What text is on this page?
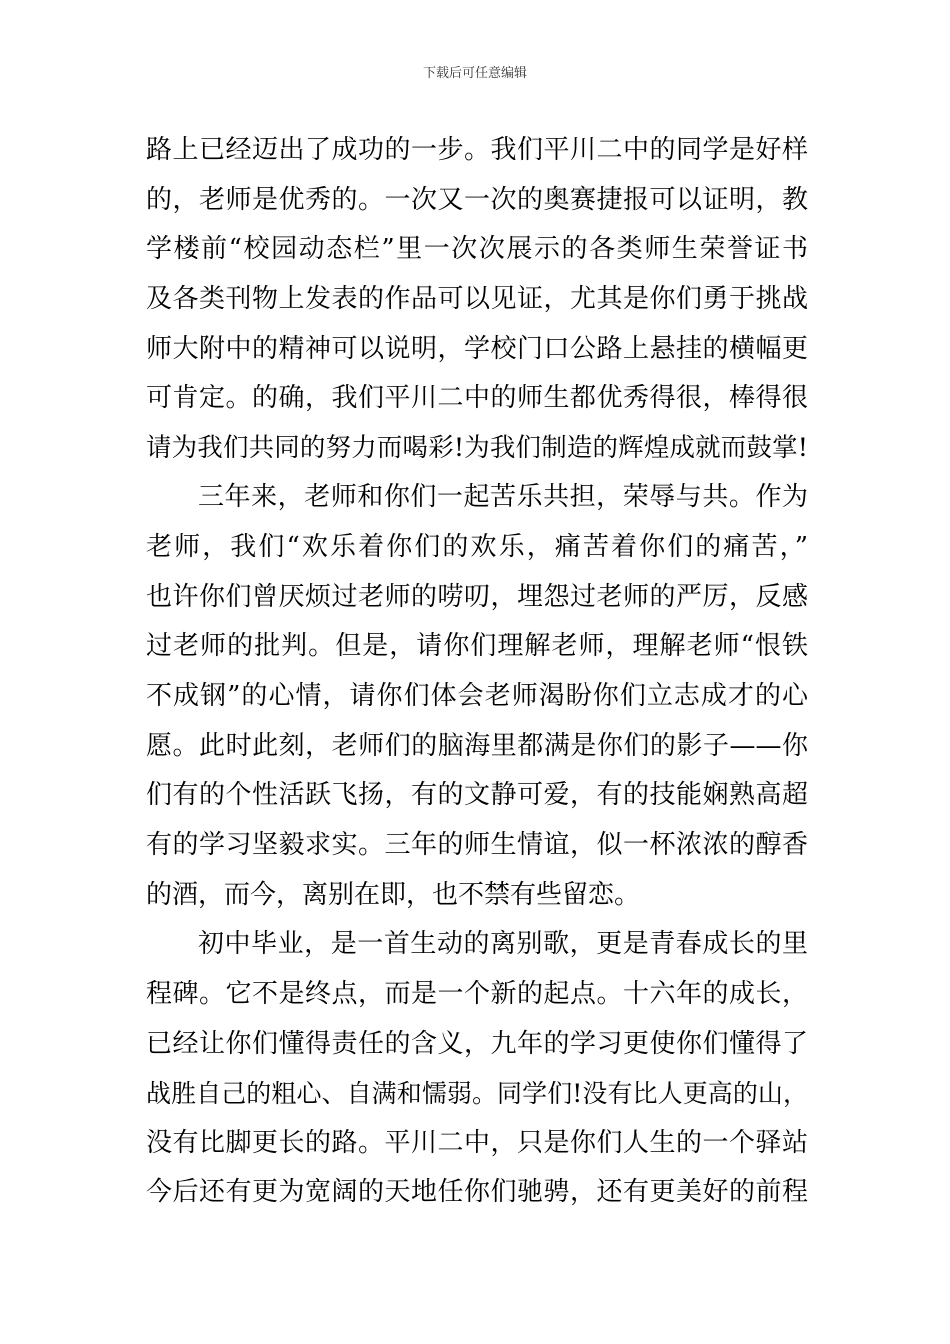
下载后可任意编辑
路上已经迈出了成功的一步。我们平川二中的同学是好样
的，老师是优秀的。一次又一次的奥赛捷报可以证明，教
学楼前“校园动态栏”里一次次展示的各类师生荣誉证书
及各类刊物上发表的作品可以见证，尤其是你们勇于挑战
师大附中的精神可以说明，学校门口公路上悬挂的横幅更
可肯定。的确，我们平川二中的师生都优秀得很，棒得很
请为我们共同的努力而喝彩!为我们制造的辉煌成就而鼓掌!
三年来，老师和你们一起苦乐共担，荣辱与共。作为
老师，我们“欢乐着你们的欢乐，痛苦着你们的痛苦，”
也许你们曾厌烦过老师的唠叨，埋怨过老师的严厉，反感
过老师的批判。但是，请你们理解老师，理解老师“恨铁
不成钢”的心情，请你们体会老师渴盼你们立志成才的心
愿。此时此刻，老师们的脑海里都满是你们的影子——你
们有的个性活跃飞扬，有的文静可爱，有的技能娴熟高超
有的学习坚毅求实。三年的师生情谊，似一杯浓浓的醇香
的酒，而今，离别在即，也不禁有些留恋。
初中毕业，是一首生动的离别歌，更是青春成长的里
程碑。它不是终点，而是一个新的起点。十六年的成长，
已经让你们懂得责任的含义，九年的学习更使你们懂得了
战胜自己的粗心、自满和懦弱。同学们!没有比人更高的山，
没有比脚更长的路。平川二中，只是你们人生的一个驿站
今后还有更为宽阔的天地任你们驰骋，还有更美好的前程
